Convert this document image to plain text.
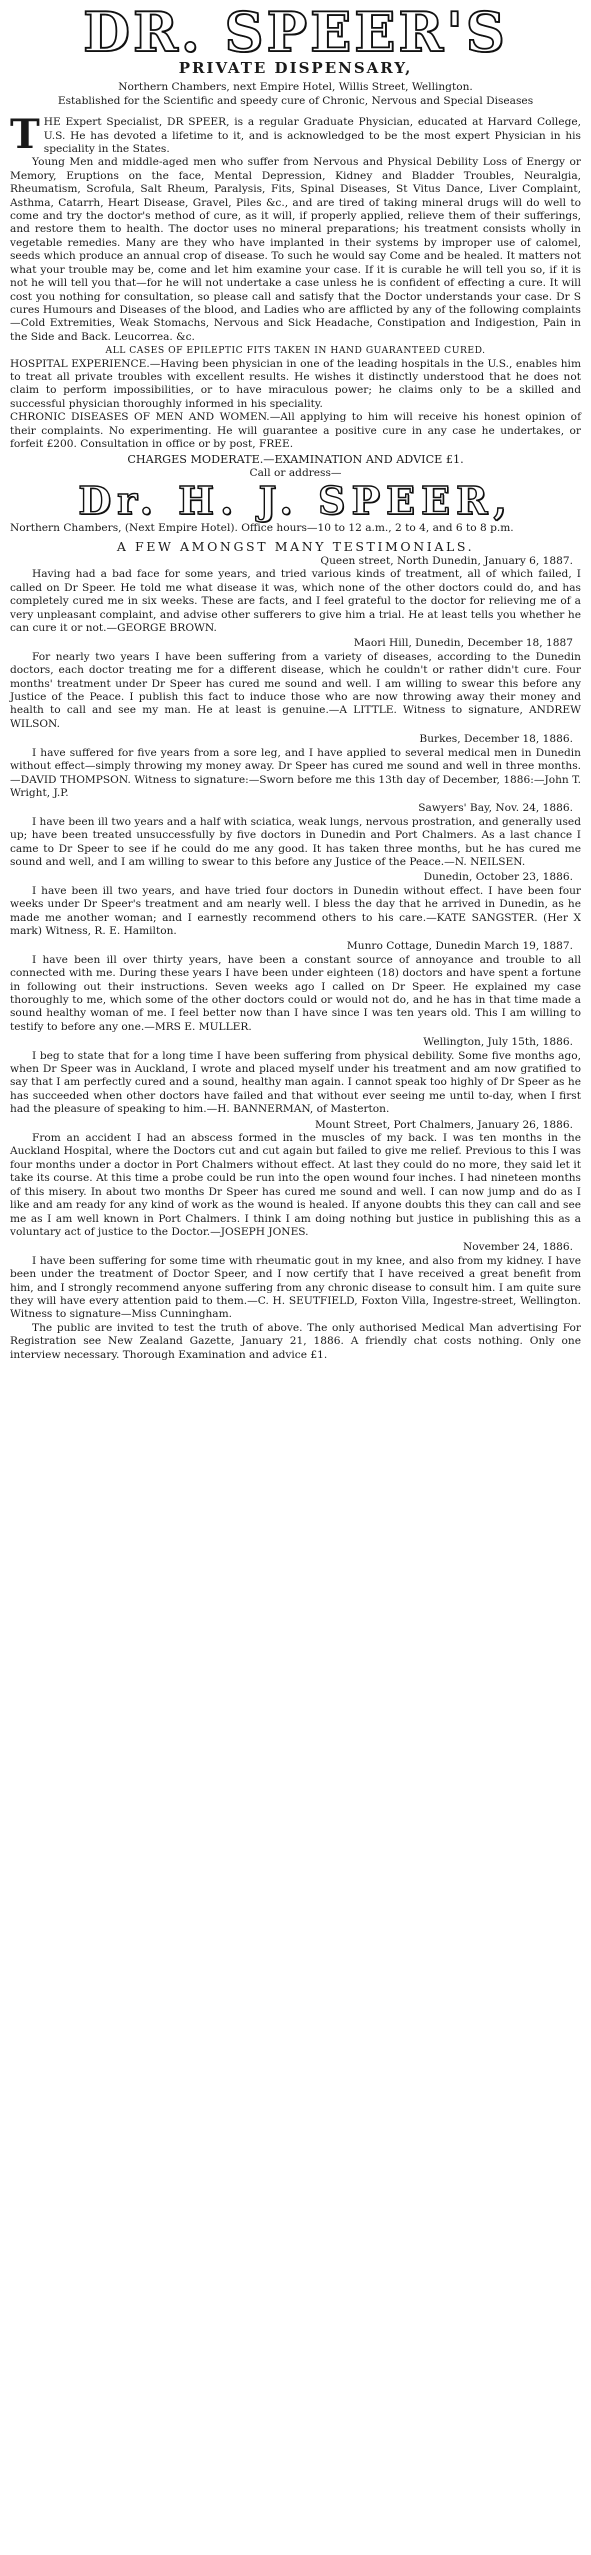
DR. SPEER'S
PRIVATE DISPENSARY,
Northern Chambers, next Empire Hotel, Willis Street, Wellington.
Established for the Scientific and speedy cure of Chronic, Nervous and Special Diseases

THE Expert Specialist, DR SPEER, is a regular Graduate Physician, educated at Harvard College, U.S. He has devoted a lifetime to it, and is acknowledged to be the most expert Physician in his speciality in the States.

Young Men and middle-aged men who suffer from Nervous and Physical Debility Loss of Energy or Memory, Eruptions on the face, Mental Depression, Kidney and Bladder Troubles, Neuralgia, Rheumatism, Scrofula, Salt Rheum, Paralysis, Fits, Spinal Diseases, St Vitus Dance, Liver Complaint, Asthma, Catarrh, Heart Disease, Gravel, Piles &c., and are tired of taking mineral drugs will do well to come and try the doctor's method of cure, as it will, if properly applied, relieve them of their sufferings, and restore them to health. The doctor uses no mineral preparations; his treatment consists wholly in vegetable remedies. Many are they who have implanted in their systems by improper use of calomel, seeds which produce an annual crop of disease. To such he would say Come and be healed. It matters not what your trouble may be, come and let him examine your case. If it is curable he will tell you so, if it is not he will tell you that—for he will not undertake a case unless he is confident of effecting a cure. It will cost you nothing for consultation, so please call and satisfy that the Doctor understands your case. Dr S cures Humours and Diseases of the blood, and Ladies who are afflicted by any of the following complaints—Cold Extremities, Weak Stomachs, Nervous and Sick Headache, Constipation and Indigestion, Pain in the Side and Back. Leucorrea. &c.

ALL CASES OF EPILEPTIC FITS TAKEN IN HAND GUARANTEED CURED.

HOSPITAL EXPERIENCE.—Having been physician in one of the leading hospitals in the U.S., enables him to treat all private troubles with excellent results. He wishes it distinctly understood that he does not claim to perform impossibilities, or to have miraculous power; he claims only to be a skilled and successful physician thoroughly informed in his speciality.

CHRONIC DISEASES OF MEN AND WOMEN.—All applying to him will receive his honest opinion of their complaints. No experimenting. He will guarantee a positive cure in any case he undertakes, or forfeit £200. Consultation in office or by post, FREE.

CHARGES MODERATE.—EXAMINATION AND ADVICE £1.
Call or address—
Dr. H. J. SPEER,
Northern Chambers, (Next Empire Hotel). Office hours—10 to 12 a.m., 2 to 4, and 6 to 8 p.m.
A FEW AMONGST MANY TESTIMONIALS.
Queen street, North Dunedin, January 6, 1887.

Having had a bad face for some years, and tried various kinds of treatment, all of which failed, I called on Dr Speer. He told me what disease it was, which none of the other doctors could do, and has completely cured me in six weeks. These are facts, and I feel grateful to the doctor for relieving me of a very unpleasant complaint, and advise other sufferers to give him a trial. He at least tells you whether he can cure it or not.—GEORGE BROWN.

Maori Hill, Dunedin, December 18, 1887

For nearly two years I have been suffering from a variety of diseases, according to the Dunedin doctors, each doctor treating me for a different disease, which he couldn't or rather didn't cure. Four months' treatment under Dr Speer has cured me sound and well. I am willing to swear this before any Justice of the Peace. I publish this fact to induce those who are now throwing away their money and health to call and see my man. He at least is genuine.—A LITTLE. Witness to signature, ANDREW WILSON.

Burkes, December 18, 1886.

I have suffered for five years from a sore leg, and I have applied to several medical men in Dunedin without effect—simply throwing my money away. Dr Speer has cured me sound and well in three months.—DAVID THOMPSON. Witness to signature:—Sworn before me this 13th day of December, 1886:—John T. Wright, J.P.

Sawyers' Bay, Nov. 24, 1886.

I have been ill two years and a half with sciatica, weak lungs, nervous prostration, and generally used up; have been treated unsuccessfully by five doctors in Dunedin and Port Chalmers. As a last chance I came to Dr Speer to see if he could do me any good. It has taken three months, but he has cured me sound and well, and I am willing to swear to this before any Justice of the Peace.—N. NEILSEN.

Dunedin, October 23, 1886.

I have been ill two years, and have tried four doctors in Dunedin without effect. I have been four weeks under Dr Speer's treatment and am nearly well. I bless the day that he arrived in Dunedin, as he made me another woman; and I earnestly recommend others to his care.—KATE SANGSTER. (Her X mark) Witness, R. E. Hamilton.

Munro Cottage, Dunedin March 19, 1887.

I have been ill over thirty years, have been a constant source of annoyance and trouble to all connected with me. During these years I have been under eighteen (18) doctors and have spent a fortune in following out their instructions. Seven weeks ago I called on Dr Speer. He explained my case thoroughly to me, which some of the other doctors could or would not do, and he has in that time made a sound healthy woman of me. I feel better now than I have since I was ten years old. This I am willing to testify to before any one.—MRS E. MULLER.

Wellington, July 15th, 1886.

I beg to state that for a long time I have been suffering from physical debility. Some five months ago, when Dr Speer was in Auckland, I wrote and placed myself under his treatment and am now gratified to say that I am perfectly cured and a sound, healthy man again. I cannot speak too highly of Dr Speer as he has succeeded when other doctors have failed and that without ever seeing me until to-day, when I first had the pleasure of speaking to him.—H. BANNERMAN, of Masterton.

Mount Street, Port Chalmers, January 26, 1886.

From an accident I had an abscess formed in the muscles of my back. I was ten months in the Auckland Hospital, where the Doctors cut and cut again but failed to give me relief. Previous to this I was four months under a doctor in Port Chalmers without effect. At last they could do no more, they said let it take its course. At this time a probe could be run into the open wound four inches. I had nineteen months of this misery. In about two months Dr Speer has cured me sound and well. I can now jump and do as I like and am ready for any kind of work as the wound is healed. If anyone doubts this they can call and see me as I am well known in Port Chalmers. I think I am doing nothing but justice in publishing this as a voluntary act of justice to the Doctor.—JOSEPH JONES.

November 24, 1886.

I have been suffering for some time with rheumatic gout in my knee, and also from my kidney. I have been under the treatment of Doctor Speer, and I now certify that I have received a great benefit from him, and I strongly recommend anyone suffering from any chronic disease to consult him. I am quite sure they will have every attention paid to them.—C. H. SEUTFIELD, Foxton Villa, Ingestre-street, Wellington. Witness to signature—Miss Cunningham.

The public are invited to test the truth of above. The only authorised Medical Man advertising For Registration see New Zealand Gazette, January 21, 1886. A friendly chat costs nothing. Only one interview necessary. Thorough Examination and advice £1.
